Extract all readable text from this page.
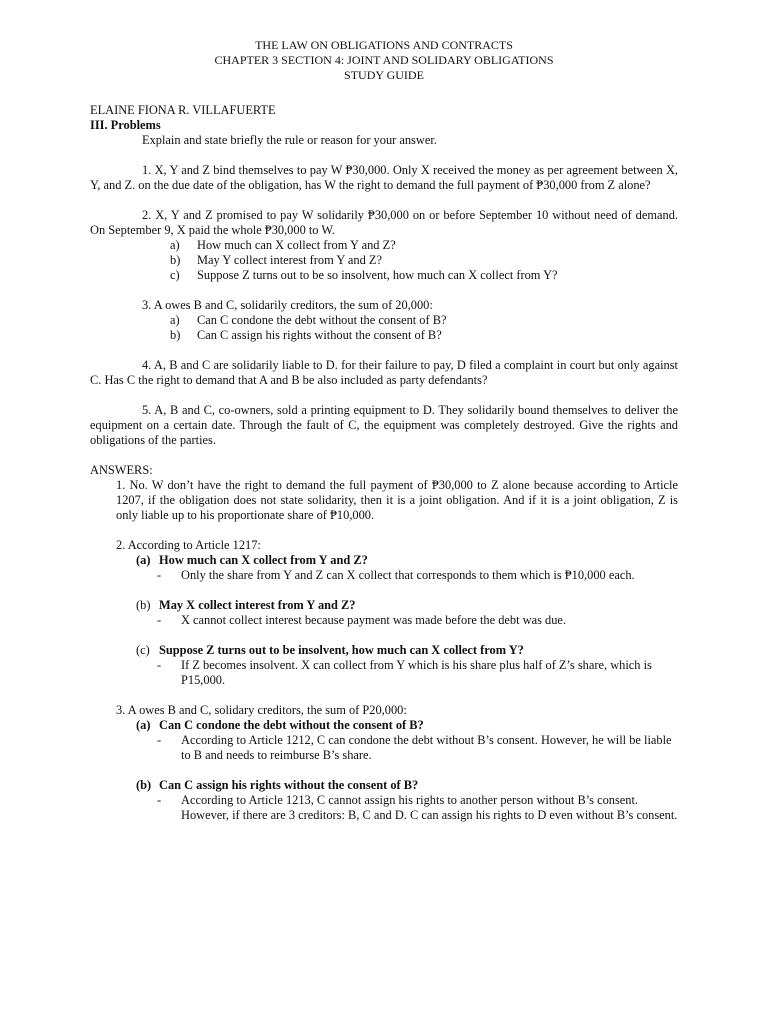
THE LAW ON OBLIGATIONS AND CONTRACTS
CHAPTER 3 SECTION 4: JOINT AND SOLIDARY OBLIGATIONS
STUDY GUIDE
ELAINE FIONA R. VILLAFUERTE
III. Problems
Explain and state briefly the rule or reason for your answer.
1. X, Y and Z bind themselves to pay W ₱30,000. Only X received the money as per agreement between X, Y, and Z. on the due date of the obligation, has W the right to demand the full payment of ₱30,000 from Z alone?
2. X, Y and Z promised to pay W solidarily ₱30,000 on or before September 10 without need of demand. On September 9, X paid the whole ₱30,000 to W.
a)	How much can X collect from Y and Z?
b)	May Y collect interest from Y and Z?
c)	Suppose Z turns out to be so insolvent, how much can X collect from Y?
3. A owes B and C, solidarily creditors, the sum of 20,000:
a)	Can C condone the debt without the consent of B?
b)	Can C assign his rights without the consent of B?
4. A, B and C are solidarily liable to D. for their failure to pay, D filed a complaint in court but only against C. Has C the right to demand that A and B be also included as party defendants?
5. A, B and C, co-owners, sold a printing equipment to D. They solidarily bound themselves to deliver the equipment on a certain date. Through the fault of C, the equipment was completely destroyed. Give the rights and obligations of the parties.
ANSWERS:
1. No. W don’t have the right to demand the full payment of ₱30,000 to Z alone because according to Article 1207, if the obligation does not state solidarity, then it is a joint obligation. And if it is a joint obligation, Z is only liable up to his proportionate share of ₱10,000.
2. According to Article 1217:
(a) How much can X collect from Y and Z?
-	Only the share from Y and Z can X collect that corresponds to them which is ₱10,000 each.
(b) May X collect interest from Y and Z?
-	X cannot collect interest because payment was made before the debt was due.
(c) Suppose Z turns out to be insolvent, how much can X collect from Y?
-	If Z becomes insolvent. X can collect from Y which is his share plus half of Z’s share, which is P15,000.
3. A owes B and C, solidary creditors, the sum of P20,000:
(a) Can C condone the debt without the consent of B?
-	According to Article 1212, C can condone the debt without B’s consent. However, he will be liable to B and needs to reimburse B’s share.
(b) Can C assign his rights without the consent of B?
-	According to Article 1213, C cannot assign his rights to another person without B’s consent. However, if there are 3 creditors: B, C and D. C can assign his rights to D even without B’s consent.
